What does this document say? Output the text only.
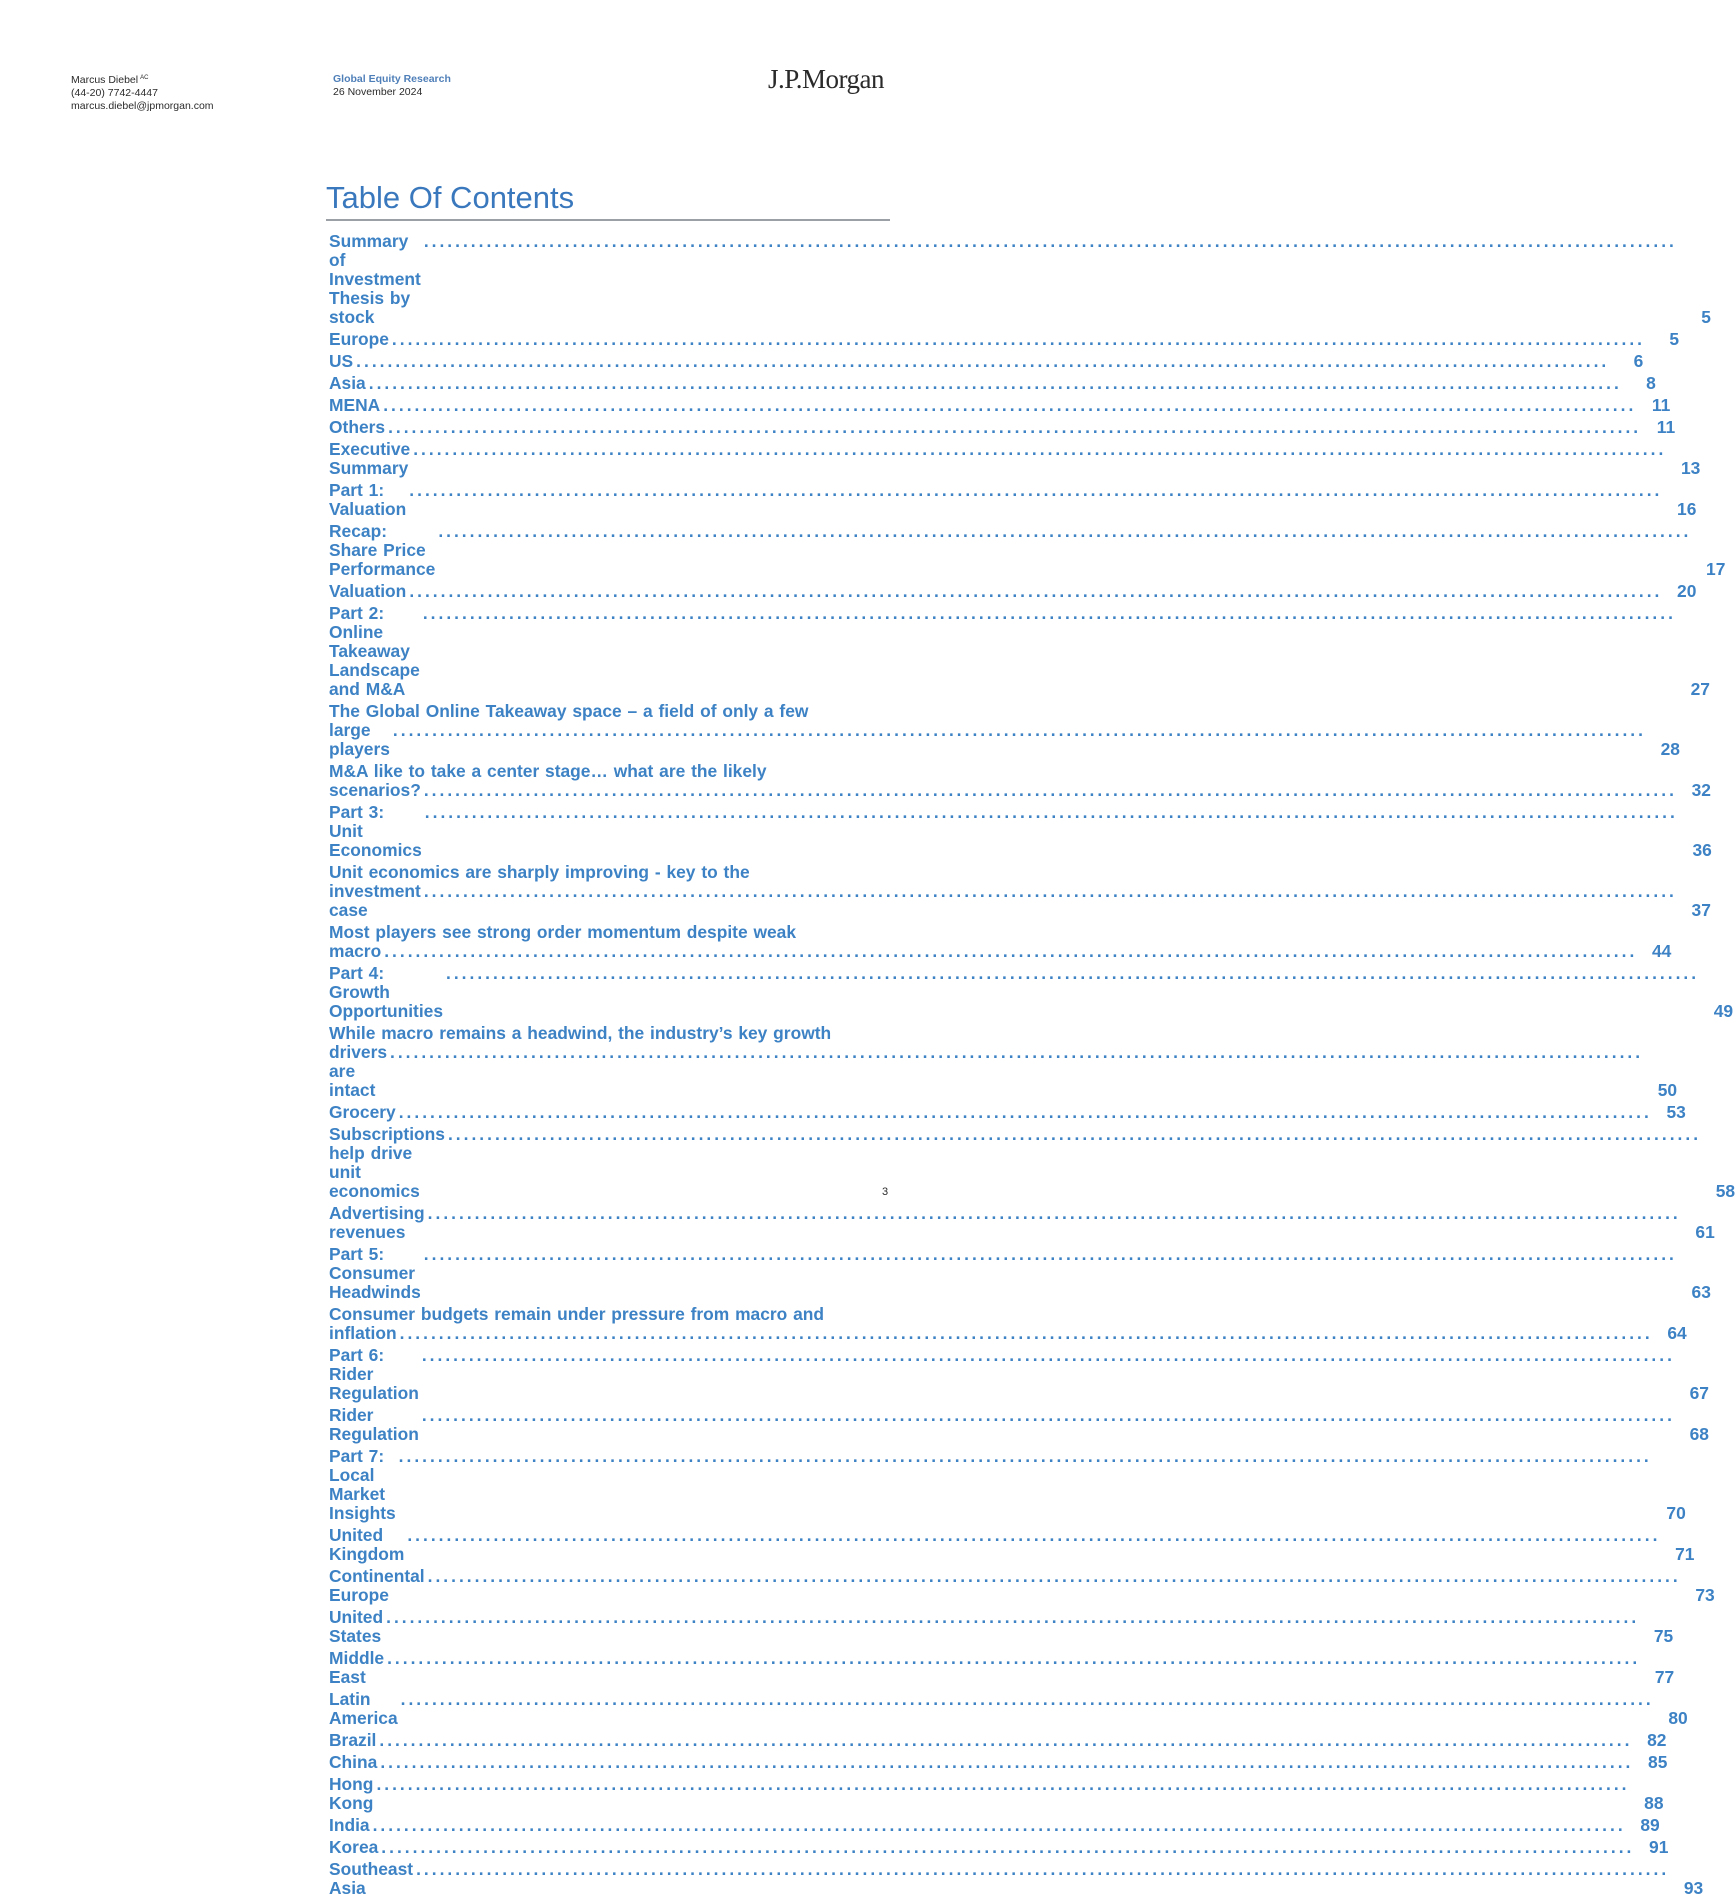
Marcus Diebel $^{AC}$
(44-20) 7742-4447
marcus.diebel@jpmorgan.com
Global Equity Research
26 November 2024	J.P.Morgan
Table Of Contents
Summary of Investment Thesis by stock
.....	5
Europe .....	5
US .....	6
Asia .....	8
MENA .....	11
Others .....	11
Executive Summary
.....	13
Part 1: Valuation
.....	16
Recap: Share Price Performance
.....	17
Valuation .....	20
Part 2: Online Takeaway Landscape and M&A
.....	27
The Global Online Takeaway space – a field of only a few
large players
.....	28
M&A like to take a center stage… what are the likely
scenarios? .....	32
Part 3: Unit Economics
.....	36
Unit economics are sharply improving - key to the
investment case
.....	37
Most players see strong order momentum despite weak
macro .....	44
Part 4: Growth Opportunities
.....	49
While macro remains a headwind, the industry’s key growth
drivers are intact
.....	50
Grocery .....	53
Subscriptions help drive unit economics
.....	58
Advertising revenues
.....	61
Part 5: Consumer Headwinds
.....	63
Consumer budgets remain under pressure from macro and
inflation .....	64
Part 6: Rider Regulation
.....	67
Rider Regulation
.....	68
Part 7: Local Market Insights
.....	70
United Kingdom
.....	71
Continental Europe
.....	73
United States
.....	75
Middle East
.....	77
Latin America
.....	80
Brazil .....	82
China .....	85
Hong Kong
.....	88
India .....	89
Korea .....	91
Southeast Asia
.....	93
3
